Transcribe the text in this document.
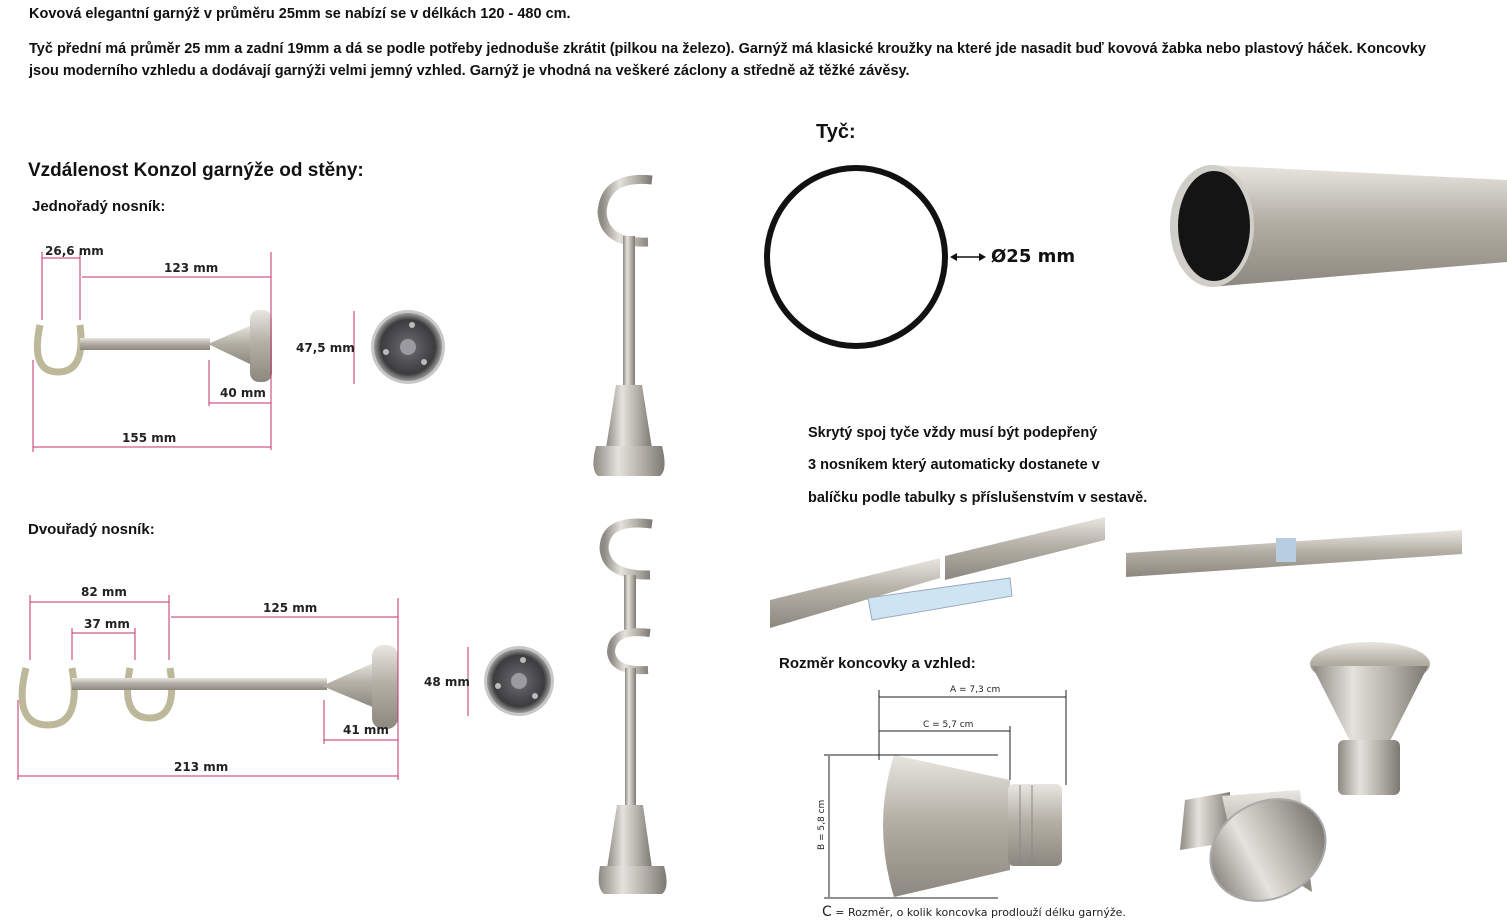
Kovová elegantní garnýž v průměru 25mm se nabízí se v délkách 120 - 480 cm.
Tyč přední má průměr 25 mm a zadní 19mm a dá se podle potřeby jednoduše zkrátit (pilkou na železo). Garnýž má klasické kroužky na které jde nasadit buď kovová žabka nebo plastový háček. Koncovky jsou moderního vzhledu a dodávají garnýži velmi jemný vzhled. Garnýž je vhodná na veškeré záclony a středně až těžké závěsy.
Vzdálenost Konzol garnýže od stěny:
Jednořadý nosník:
Dvouřadý nosník:
Tyč:
Skrytý spoj tyče vždy musí být podepřený
3 nosníkem který automaticky dostanete v
balíčku podle tabulky s příslušenstvím v sestavě.
Rozměr koncovky a vzhled:
C = Rozměr, o kolik koncovka prodlouží délku garnýže.
26,6 mm
123 mm
40 mm
155 mm
47,5 mm
82 mm
37 mm
125 mm
41 mm
213 mm
48 mm
Ø25 mm
A = 7,3 cm
C = 5,7 cm
B = 5,8 cm
